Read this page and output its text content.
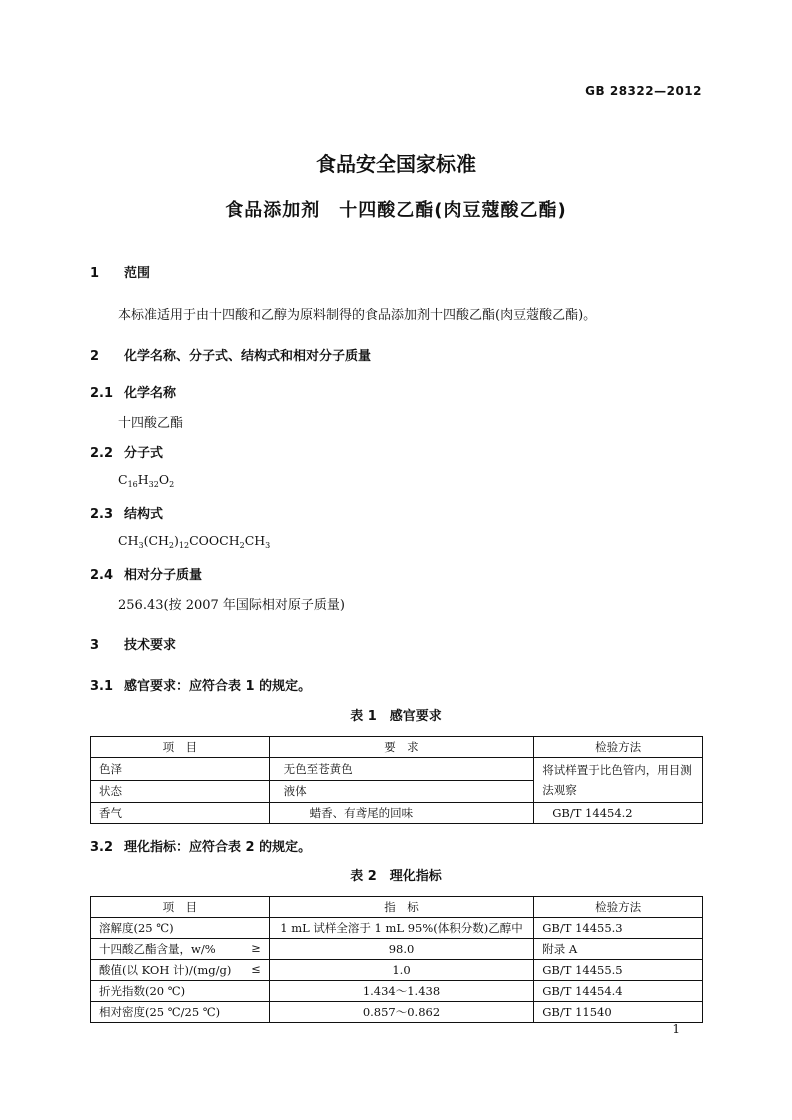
GB 28322—2012
食品安全国家标准
食品添加剂　十四酸乙酯(肉豆蔻酸乙酯)
1 范围
本标准适用于由十四酸和乙醇为原料制得的食品添加剂十四酸乙酯(肉豆蔻酸乙酯)。
2 化学名称、分子式、结构式和相对分子质量
2.1 化学名称
十四酸乙酯
2.2 分子式
$C_{16}H_{32}O_2$
2.3 结构式
$CH_3(CH_2)_{12}COOCH_2CH_3$
2.4 相对分子质量
256.43(按 2007 年国际相对原子质量)
3 技术要求
3.1 感官要求：应符合表 1 的规定。
表 1　感官要求
项　目	要　求	检验方法
色泽	无色至苍黄色	将试样置于比色管内，用目测法观察
状态	液体	
香气	蜡香、有鸢尾的回味	GB/T 14454.2
3.2 理化指标：应符合表 2 的规定。
表 2　理化指标
项　目	指　标	检验方法
溶解度(25 ℃)	1 mL 试样全溶于 1 mL 95%(体积分数)乙醇中	GB/T 14455.3
十四酸乙酯含量，w/% ≥	98.0	附录 A
酸值(以 KOH 计)/(mg/g) ≤	1.0	GB/T 14455.5
折光指数(20 ℃)	1.434～1.438	GB/T 14454.4
相对密度(25 ℃/25 ℃)	0.857～0.862	GB/T 11540
1
